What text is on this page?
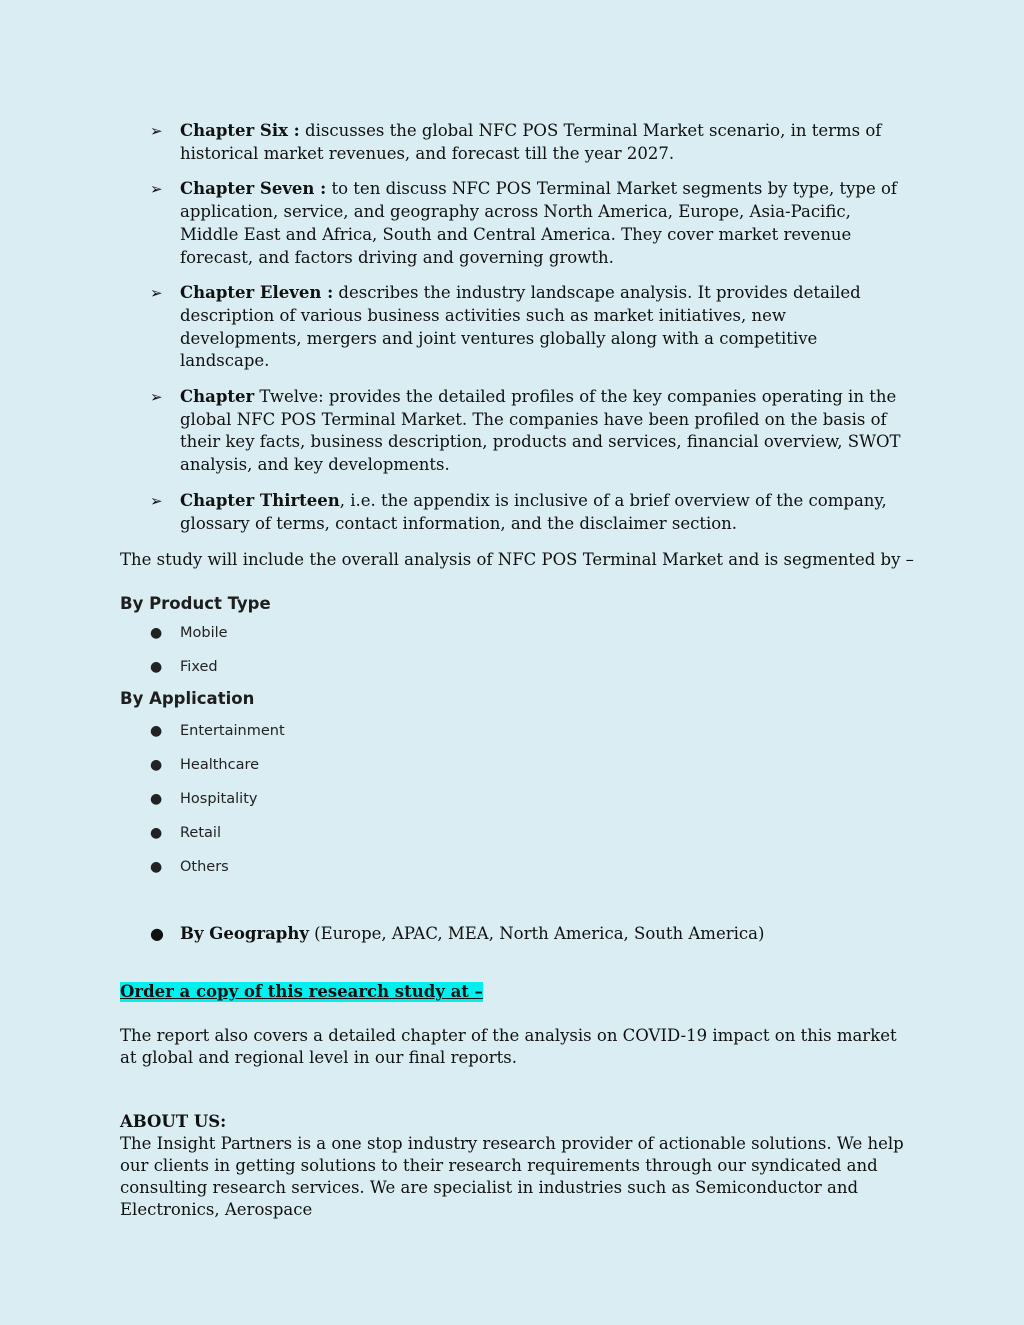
➢ Chapter Six : discusses the global NFC POS Terminal Market scenario, in terms of historical market revenues, and forecast till the year 2027.
➢ Chapter Seven : to ten discuss NFC POS Terminal Market segments by type, type of application, service, and geography across North America, Europe, Asia-Pacific, Middle East and Africa, South and Central America. They cover market revenue forecast, and factors driving and governing growth.
➢ Chapter Eleven : describes the industry landscape analysis. It provides detailed description of various business activities such as market initiatives, new developments, mergers and joint ventures globally along with a competitive landscape.
➢ Chapter Twelve: provides the detailed profiles of the key companies operating in the global NFC POS Terminal Market. The companies have been profiled on the basis of their key facts, business description, products and services, financial overview, SWOT analysis, and key developments.
➢ Chapter Thirteen, i.e. the appendix is inclusive of a brief overview of the company, glossary of terms, contact information, and the disclaimer section.

The study will include the overall analysis of NFC POS Terminal Market and is segmented by –

By Product Type
● Mobile
● Fixed
By Application
● Entertainment
● Healthcare
● Hospitality
● Retail
● Others
● By Geography (Europe, APAC, MEA, North America, South America)
Order a copy of this research study at –

The report also covers a detailed chapter of the analysis on COVID-19 impact on this market at global and regional level in our final reports.

ABOUT US:

The Insight Partners is a one stop industry research provider of actionable solutions. We help our clients in getting solutions to their research requirements through our syndicated and consulting research services. We are specialist in industries such as Semiconductor and Electronics, Aerospace
